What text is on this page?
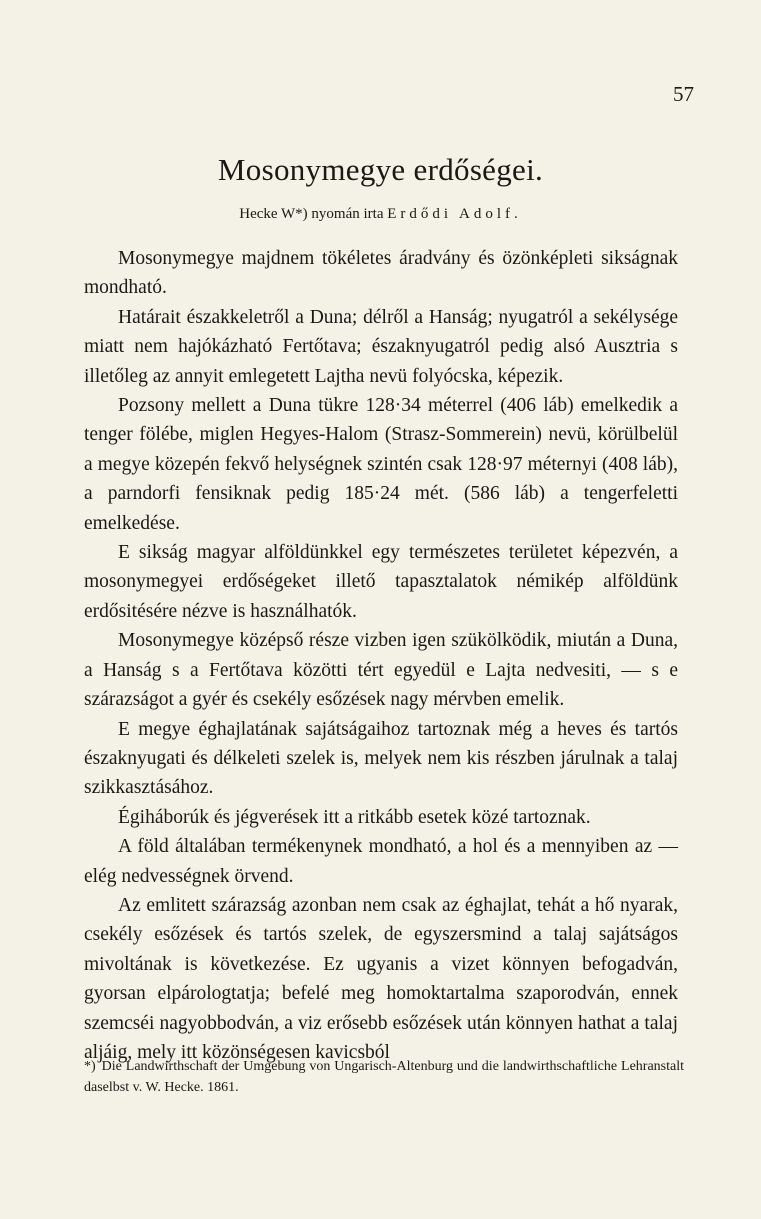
57
Mosonymegye erdőségei.
Hecke W*) nyomán irta Erdődi Adolf.

Mosonymegye majdnem tökéletes áradvány és özönképleti sikságnak mondható.

Határait északkeletről a Duna; délről a Hanság; nyugatról a sekélysége miatt nem hajókázható Fertőtava; északnyugatról pedig alsó Ausztria s illetőleg az annyit emlegetett Lajtha nevü folyócska, képezik.

Pozsony mellett a Duna tükre 128·34 méterrel (406 láb) emelkedik a tenger fölébe, miglen Hegyes-Halom (Strasz-Sommerein) nevü, körülbelül a megye közepén fekvő helységnek szintén csak 128·97 méternyi (408 láb), a parndorfi fensiknak pedig 185·24 mét. (586 láb) a tengerfeletti emelkedése.

E sikság magyar alföldünkkel egy természetes területet képezvén, a mosonymegyei erdőségeket illető tapasztalatok némikép alföldünk erdősitésére nézve is használhatók.

Mosonymegye középső része vizben igen szükölködik, miután a Duna, a Hanság s a Fertőtava közötti tért egyedül e Lajta nedvesiti, — s e szárazságot a gyér és csekély esőzések nagy mérvben emelik.

E megye éghajlatának sajátságaihoz tartoznak még a heves és tartós északnyugati és délkeleti szelek is, melyek nem kis részben járulnak a talaj szikkasztásához.

Égiháborúk és jégverések itt a ritkább esetek közé tartoznak.

A föld általában termékenynek mondható, a hol és a mennyiben az — elég nedvességnek örvend.

Az emlitett szárazság azonban nem csak az éghajlat, tehát a hő nyarak, csekély esőzések és tartós szelek, de egyszersmind a talaj sajátságos mivoltának is következése. Ez ugyanis a vizet könnyen befogadván, gyorsan elpárologtatja; befelé meg homoktartalma szaporodván, ennek szemcséi nagyobbodván, a viz erősebb esőzések után könnyen hathat a talaj aljáig, mely itt közönségesen kavicsból

*) Die Landwirthschaft der Umgebung von Ungarisch-Altenburg und die landwirthschaftliche Lehranstalt daselbst v. W. Hecke. 1861.
